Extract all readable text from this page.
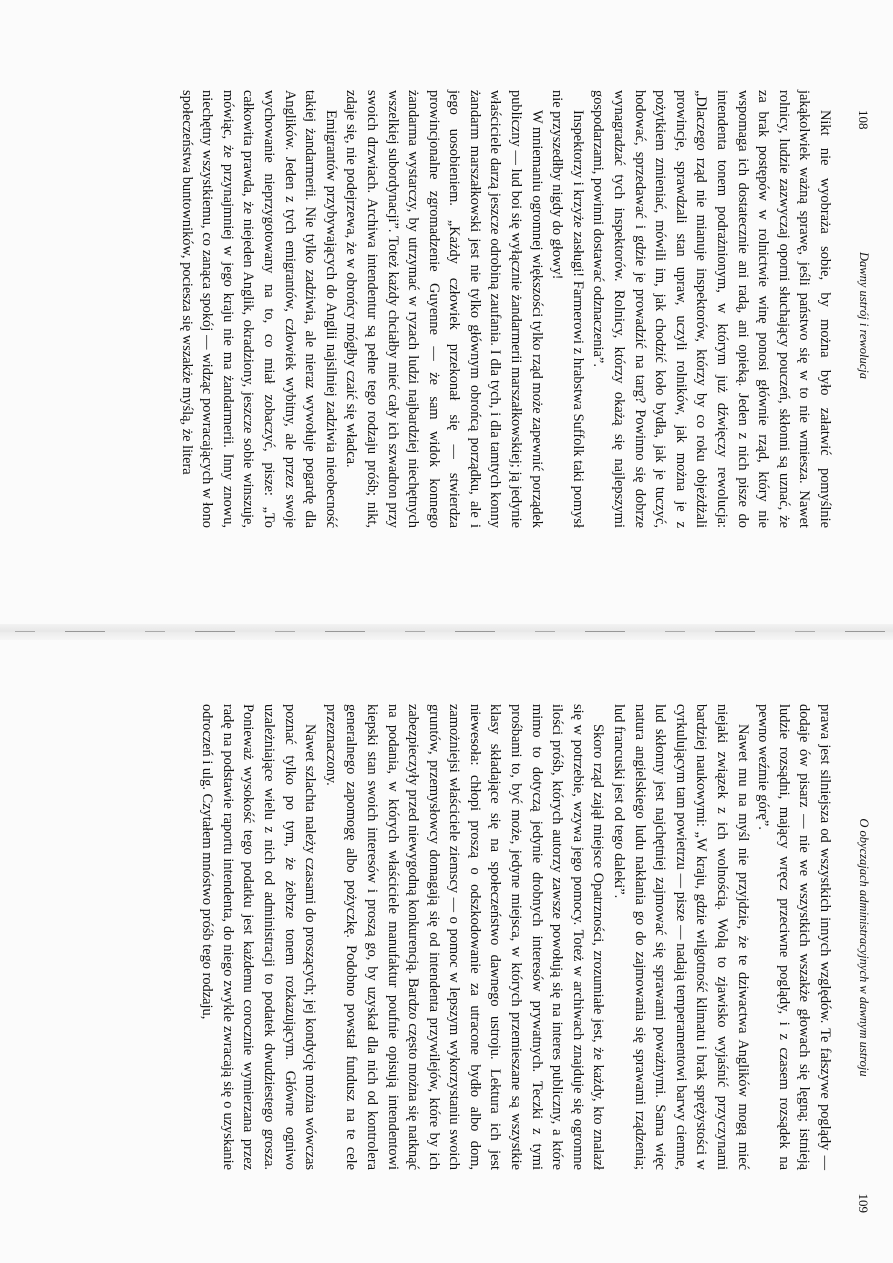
108
Dawny ustrój i rewolucja

Nikt nie wyobraża sobie, by można było załatwić pomyślnie jakąkolwiek ważną sprawę, jeśli państwo się w to nie wmiesza. Nawet rolnicy, ludzie zazwyczaj oporni słuchający pouczeń, skłonni są uznać, że za brak postępów w rolnictwie winę ponosi głównie rząd, który nie wspomaga ich dostatecznie ani radą, ani opieką. Jeden z nich pisze do intendenta tonem podrażnionym, w którym już dźwięczy rewolucja: „Dlaczego rząd nie mianuje inspektorów, którzy by co roku objeżdżali prowincje, sprawdzali stan upraw, uczyli rolników, jak można je z pożytkiem zmieniać, mówili im, jak chodzić koło bydła, jak je tuczyć, hodować, sprzedawać i gdzie je prowadzić na targ? Powinno się dobrze wynagradzać tych inspektorów. Rolnicy, którzy okażą się najlepszymi gospodarzami, powinni dostawać odznaczenia”.

Inspektorzy i krzyże zasługi! Farmerowi z hrabstwa Suffolk taki pomysł nie przyszedłby nigdy do głowy!

W mniemaniu ogromnej większości tylko rząd może zapewnić porządek publiczny — lud boi się wyłącznie żandarmerii marszałkowskiej; ją jedynie właściciele darzą jeszcze odrobiną zaufania. I dla tych, i dla tamtych konny żandarm marszałkowski jest nie tylko głównym obrońcą porządku, ale i jego uosobieniem. „Każdy człowiek przekonał się — stwierdza prowincjonalne zgromadzenie Guyenne — że sam widok konnego żandarma wystarczy, by utrzymać w ryzach ludzi najbardziej niechętnych wszelkiej subordynacji”. Toteż każdy chciałby mieć cały ich szwadron przy swoich drzwiach. Archiwa intendentur są pełne tego rodzaju próśb; nikt, zdaje się, nie podejrzewa, że w obrońcy mógłby czaić się władca.

Emigrantów przybywających do Anglii najsilniej zadziwia nieobecność takiej żandarmerii. Nie tylko zadziwia, ale nieraz wywołuje pogardę dla Anglików. Jeden z tych emigrantów, człowiek wybitny, ale przez swoje wychowanie nieprzygotowany na to, co miał zobaczyć, pisze: „To całkowita prawda, że niejeden Anglik, okradziony, jeszcze sobie winszuje, mówiąc, że przynajmniej w jego kraju nie ma żandarmerii. Inny znowu, niechętny wszystkiemu, co zanąca spokój — widząc powracających w łono społeczeństwa buntowników, pociesza się wszakże myślą, że litera

O obyczajach administracyjnych w dawnym ustroju
109

prawa jest silniejsza od wszystkich innych względów. Te fałszywe poglądy — dodaje ów pisarz — nie we wszystkich wszakże głowach się lęgną; istnieją ludzie rozsądni, mający wręcz przeciwne poglądy, i z czasem rozsądek na pewno weźmie górę”.

Nawet mu na myśl nie przyjdzie, że te dziwactwa Anglików mogą mieć niejaki związek z ich wolnością. Wolą to zjawisko wyjaśnić przyczynami bardziej naukowymi: „W kraju, gdzie wilgotność klimatu i brak sprężystości w cyrkulującym tam powietrzu — pisze — nadają temperamentowi barwy ciemne, lud skłonny jest najchętniej zajmować się sprawami poważnymi. Sama więc natura angielskiego ludu nakłania go do zajmowania się sprawami rządzenia; lud francuski jest od tego daleki”.

Skoro rząd zajął miejsce Opatrzności, zrozumiałe jest, że każdy, kto znalazł się w potrzebie, wzywa jego pomocy. Toteż w archiwach znajduje się ogromne ilości próśb, których autorzy zawsze powołują się na interes publiczny, a które mimo to dotyczą jedynie drobnych interesów prywatnych. Teczki z tymi prośbami to, być może, jedyne miejsca, w których przemieszane są wszystkie klasy składające się na społeczeństwo dawnego ustroju. Lektura ich jest niewesoła: chłopi proszą o odszkodowanie za utracone bydło albo dom, zamożniejsi właściciele ziemscy — o pomoc w lepszym wykorzystaniu swoich gruntów, przemysłowcy domagają się od intendenta przywilejów, które by ich zabezpieczyły przed niewygodną konkurencją. Bardzo często można się natknąć na podania, w których właściciele manufaktur poufnie opisują intendentowi kiepski stan swoich interesów i proszą go, by uzyskał dla nich od kontrolera generalnego zapomogę albo pożyczkę. Podobno powstał fundusz na te cele przeznaczony.

Nawet szlachta należy czasami do proszących; jej kondycję można wówczas poznać tylko po tym, że żebrze tonem rozkazującym. Główne ogniwo uzależniające wielu z nich od administracji to podatek dwudziestego grosza. Ponieważ wysokość tego podatku jest każdemu corocznie wymierzana przez radę na podstawie raportu intendenta, do niego zwykle zwracają się o uzyskanie odroczeń i ulg. Czytałem mnóstwo próśb tego rodzaju,
